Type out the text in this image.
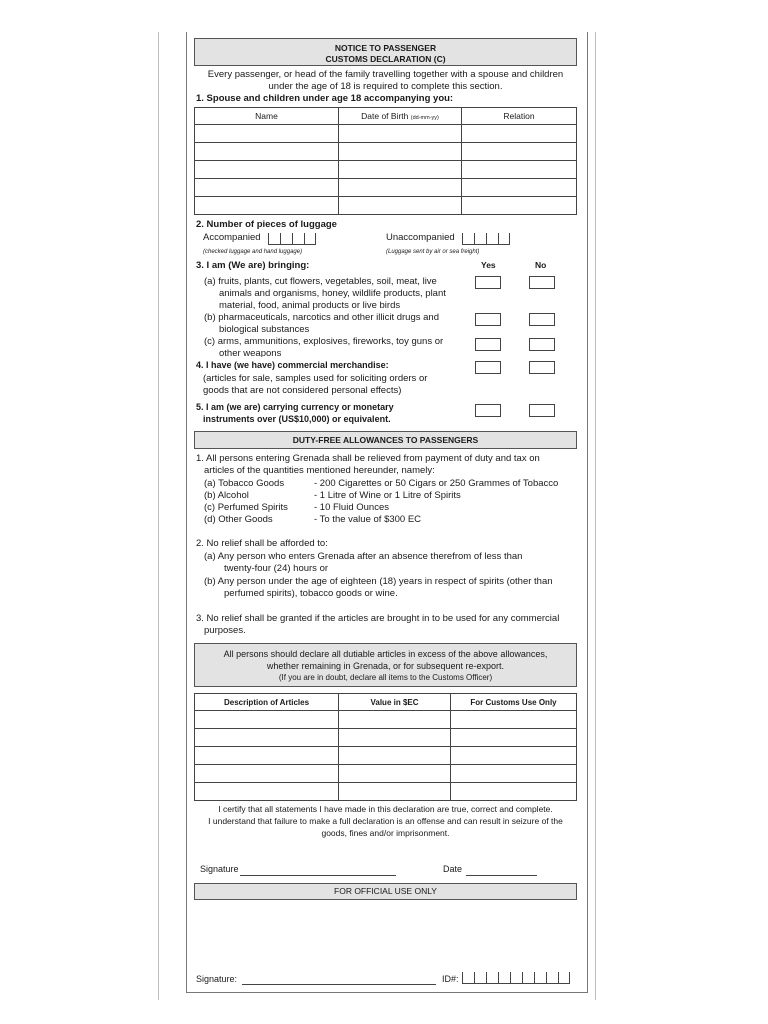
NOTICE TO PASSENGER
CUSTOMS DECLARATION (C)
Every passenger, or head of the family travelling together with a spouse and children
under the age of 18 is required to complete this section.
1. Spouse and children under age 18 accompanying you:
Name	Date of Birth (dd-mm-yy)	Relation

2. Number of pieces of luggage
Accompanied
(checked luggage and hand luggage)
Unaccompanied
(Luggage sent by air or sea freight)
3. I am (We are) bringing:	Yes	No
(a) fruits, plants, cut flowers, vegetables, soil, meat, live
animals and organisms, honey, wildlife products, plant
material, food, animal products or live birds
(b) pharmaceuticals, narcotics and other illicit drugs and
biological substances
(c) arms, ammunitions, explosives, fireworks, toy guns or
other weapons
4. I have (we have) commercial merchandise:
(articles for sale, samples used for soliciting orders or
goods that are not considered personal effects)
5. I am (we are) carrying currency or monetary
instruments over (US$10,000) or equivalent.
DUTY-FREE ALLOWANCES TO PASSENGERS
1. All persons entering Grenada shall be relieved from payment of duty and tax on
articles of the quantities mentioned hereunder, namely:
(a) Tobacco Goods	- 200 Cigarettes or 50 Cigars or 250 Grammes of Tobacco
(b) Alcohol	- 1 Litre of Wine or 1 Litre of Spirits
(c) Perfumed Spirits	- 10 Fluid Ounces
(d) Other Goods	- To the value of $300 EC
2. No relief shall be afforded to:
(a) Any person who enters Grenada after an absence therefrom of less than
twenty-four (24) hours or
(b) Any person under the age of eighteen (18) years in respect of spirits (other than
perfumed spirits), tobacco goods or wine.
3. No relief shall be granted if the articles are brought in to be used for any commercial
purposes.
All persons should declare all dutiable articles in excess of the above allowances,
whether remaining in Grenada, or for subsequent re-export.
(If you are in doubt, declare all items to the Customs Officer)
Description of Articles	Value in $EC	For Customs Use Only

I certify that all statements I have made in this declaration are true, correct and complete.
I understand that failure to make a full declaration is an offense and can result in seizure of the
goods, fines and/or imprisonment.
Signature	Date
FOR OFFICIAL USE ONLY
Signature:	ID#:
